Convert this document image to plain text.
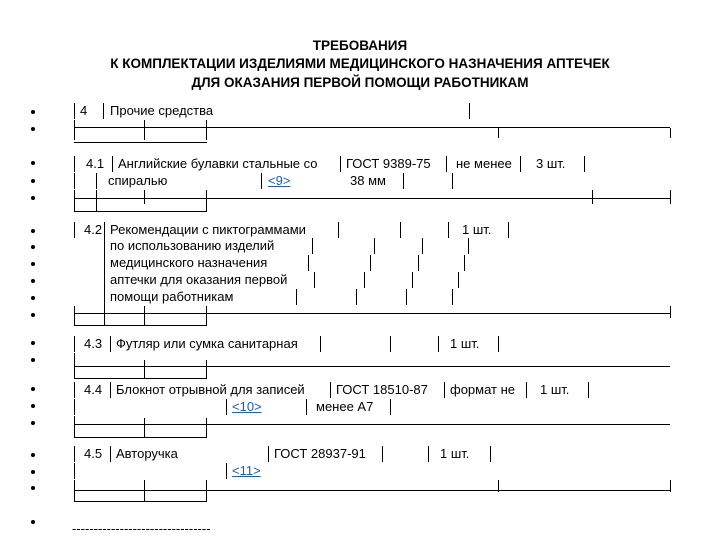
ТРЕБОВАНИЯ
К КОМПЛЕКТАЦИИ ИЗДЕЛИЯМИ МЕДИЦИНСКОГО НАЗНАЧЕНИЯ АПТЕЧЕК
ДЛЯ ОКАЗАНИЯ ПЕРВОЙ ПОМОЩИ РАБОТНИКАМ
4 Прочие средства
4.1 Английские булавки стальные со ГОСТ 9389-75 не менее 3 шт.
спиралью	<9>	38 мм
4.2 Рекомендации с пиктограммами	1 шт.
по использованию изделий
медицинского назначения
аптечки для оказания первой
помощи работникам
4.3 Футляр или сумка санитарная	1 шт.
4.4 Блокнот отрывной для записей ГОСТ 18510-87 формат не 1 шт.
<10>	менее А7
4.5 Авторучка	ГОСТ 28937-91	1 шт.
<11>
--------------------------------
